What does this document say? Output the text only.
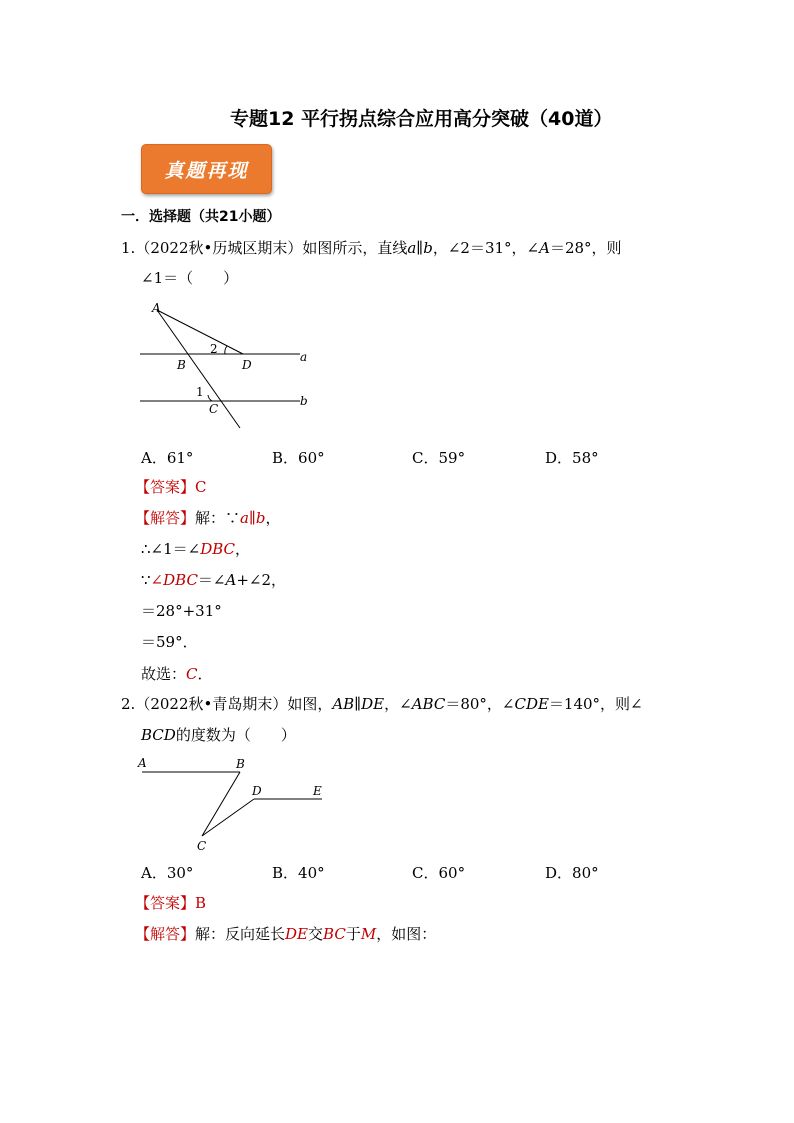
专题12 平行拐点综合应用高分突破（40道）
真题再现
一．选择题（共21小题）
1.（2022秋•历城区期末）如图所示，直线a∥b，∠2＝31°，∠A＝28°，则
∠1＝（　　）
A
B	D
C
2
1
a
b
A．61°	B．60°	C．59°	D．58°
【答案】C
【解答】解：∵a∥b，
∴∠1＝∠DBC，
∵∠DBC＝∠A+∠2，
＝28°+31°
＝59°．
故选：C．
2.（2022秋•青岛期末）如图，AB∥DE，∠ABC＝80°，∠CDE＝140°，则∠
BCD的度数为（　　）
A	B
D	E
C
A．30°	B．40°	C．60°	D．80°
【答案】B
【解答】解：反向延长DE交BC于M，如图：
